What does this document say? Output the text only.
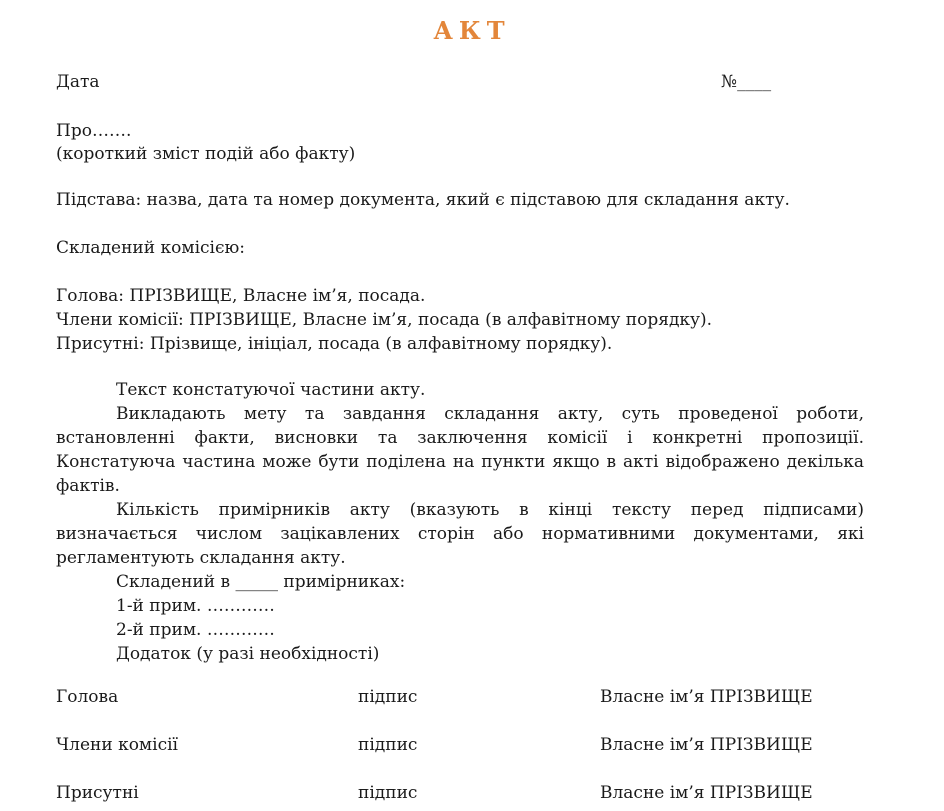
АКТ
Дата	№____
Про…….
(короткий зміст подій або факту)
Підстава: назва, дата та номер документа, який є підставою для складання акту.
Складений комісією:
Голова: ПРІЗВИЩЕ, Власне ім’я, посада.
Члени комісії: ПРІЗВИЩЕ, Власне ім’я, посада (в алфавітному порядку).
Присутні: Прізвище, ініціал, посада (в алфавітному порядку).
Текст констатуючої частини акту.
Викладають мету та завдання складання акту, суть проведеної роботи, встановленні факти, висновки та заключення комісії і конкретні пропозиції. Констатуюча частина може бути поділена на пункти якщо в акті відображено декілька фактів.
Кількість примірників акту (вказують в кінці тексту перед підписами) визначається числом зацікавлених сторін або нормативними документами, які регламентують складання акту.
Складений в _____ примірниках:
1-й прим. …………
2-й прим. …………
Додаток (у разі необхідності)
Голова	підпис	Власне ім’я ПРІЗВИЩЕ
Члени комісії	підпис	Власне ім’я ПРІЗВИЩЕ
Присутні	підпис	Власне ім’я ПРІЗВИЩЕ
